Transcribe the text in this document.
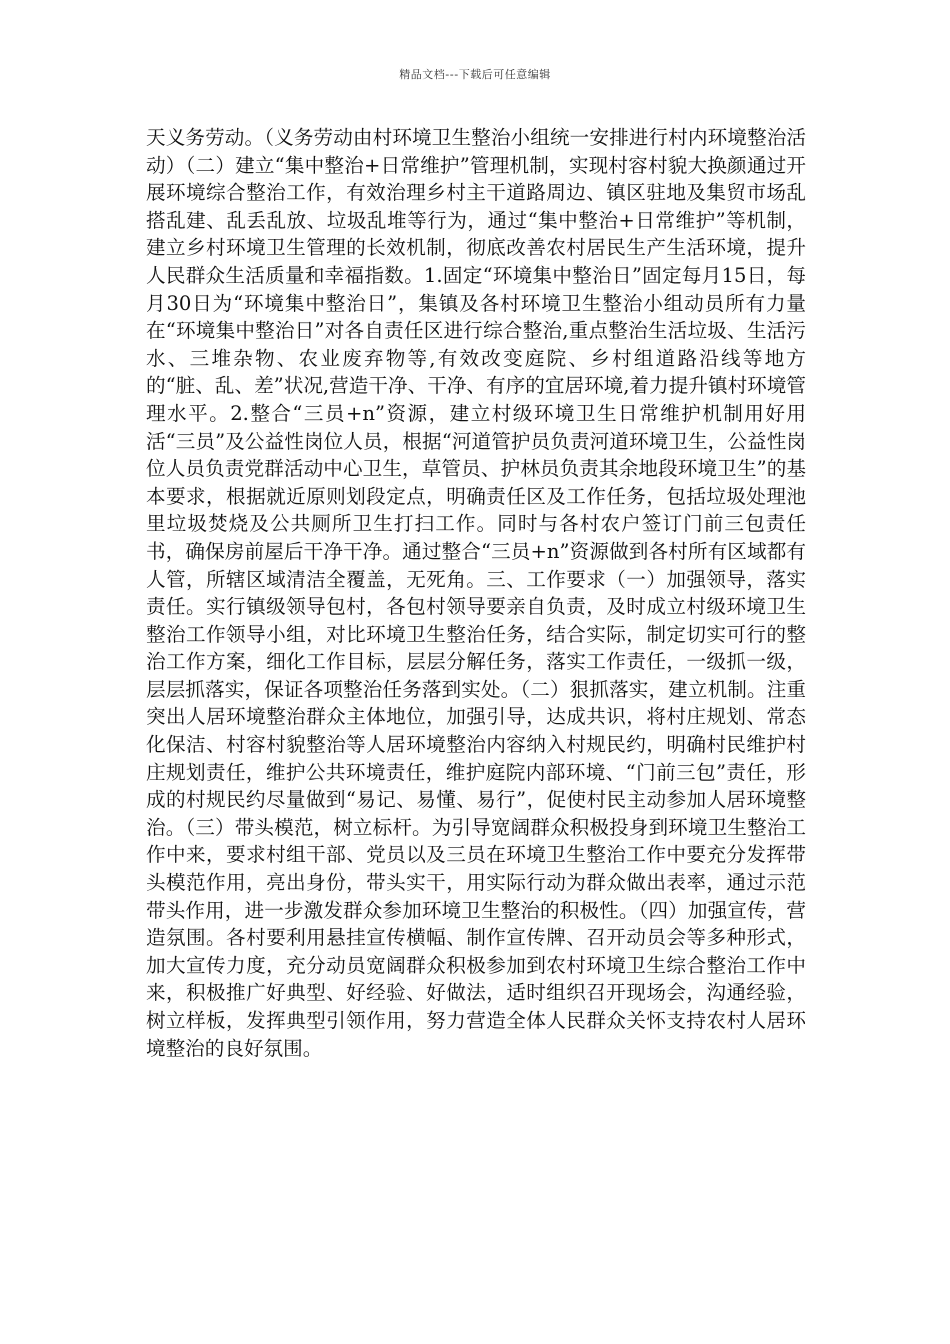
精品文档---下载后可任意编辑

天义务劳动。（义务劳动由村环境卫生整治小组统一安排进行村内环境整治活动）（二）建立“集中整治+日常维护”管理机制，实现村容村貌大换颜通过开展环境综合整治工作，有效治理乡村主干道路周边、镇区驻地及集贸市场乱搭乱建、乱丢乱放、垃圾乱堆等行为，通过“集中整治+日常维护”等机制，建立乡村环境卫生管理的长效机制，彻底改善农村居民生产生活环境，提升人民群众生活质量和幸福指数。1.固定“环境集中整治日”固定每月15日，每月30日为“环境集中整治日”，集镇及各村环境卫生整治小组动员所有力量在“环境集中整治日”对各自责任区进行综合整治,重点整治生活垃圾、生活污水、三堆杂物、农业废弃物等,有效改变庭院、乡村组道路沿线等地方的“脏、乱、差”状况,营造干净、干净、有序的宜居环境,着力提升镇村环境管理水平。2.整合“三员+n”资源，建立村级环境卫生日常维护机制用好用活“三员”及公益性岗位人员，根据“河道管护员负责河道环境卫生，公益性岗位人员负责党群活动中心卫生，草管员、护林员负责其余地段环境卫生”的基本要求，根据就近原则划段定点，明确责任区及工作任务，包括垃圾处理池里垃圾焚烧及公共厕所卫生打扫工作。同时与各村农户签订门前三包责任书，确保房前屋后干净干净。通过整合“三员+n”资源做到各村所有区域都有人管，所辖区域清洁全覆盖，无死角。三、工作要求（一）加强领导，落实责任。实行镇级领导包村，各包村领导要亲自负责，及时成立村级环境卫生整治工作领导小组，对比环境卫生整治任务，结合实际，制定切实可行的整治工作方案，细化工作目标，层层分解任务，落实工作责任，一级抓一级，层层抓落实，保证各项整治任务落到实处。（二）狠抓落实，建立机制。注重突出人居环境整治群众主体地位，加强引导，达成共识，将村庄规划、常态化保洁、村容村貌整治等人居环境整治内容纳入村规民约，明确村民维护村庄规划责任，维护公共环境责任，维护庭院内部环境、“门前三包”责任，形成的村规民约尽量做到“易记、易懂、易行”，促使村民主动参加人居环境整治。（三）带头模范，树立标杆。为引导宽阔群众积极投身到环境卫生整治工作中来，要求村组干部、党员以及三员在环境卫生整治工作中要充分发挥带头模范作用，亮出身份，带头实干，用实际行动为群众做出表率，通过示范带头作用，进一步激发群众参加环境卫生整治的积极性。（四）加强宣传，营造氛围。各村要利用悬挂宣传横幅、制作宣传牌、召开动员会等多种形式，加大宣传力度，充分动员宽阔群众积极参加到农村环境卫生综合整治工作中来，积极推广好典型、好经验、好做法，适时组织召开现场会，沟通经验，树立样板，发挥典型引领作用，努力营造全体人民群众关怀支持农村人居环境整治的良好氛围。
